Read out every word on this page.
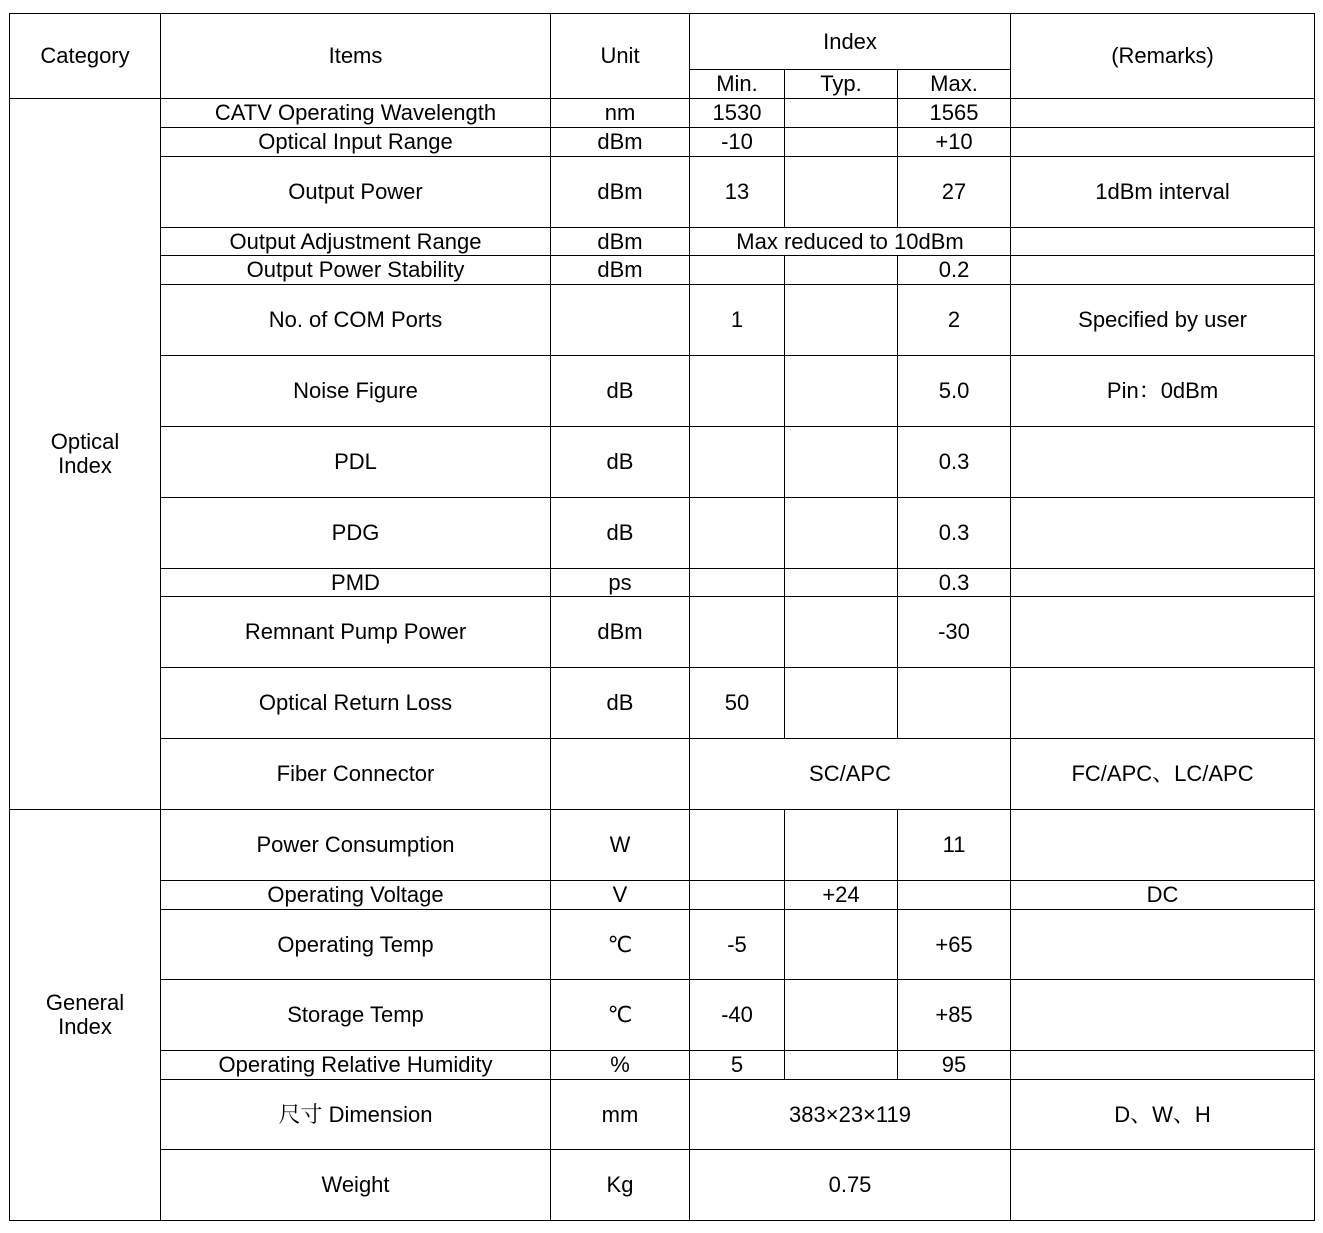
Category	Items	Unit	Index			(Remarks)
			Min.	Typ.	Max.	

Optical
Index	CATV Operating Wavelength	nm	1530		1565	
	Optical Input Range	dBm	-10		+10	
	Output Power	dBm	13		27	1dBm interval
	Output Adjustment Range	dBm	Max reduced to 10dBm			
	Output Power Stability	dBm			0.2	
	No. of COM Ports		1		2	Specified by user
	Noise Figure	dB			5.0	Pin：0dBm
	PDL	dB			0.3	
	PDG	dB			0.3	
	PMD	ps			0.3	
	Remnant Pump Power	dBm			-30	
	Optical Return Loss	dB	50			
	Fiber Connector		SC/APC			FC/APC、LC/APC

General
Index	Power Consumption	W			11	
	Operating Voltage	V		+24		DC
	Operating Temp	℃	-5		+65	
	Storage Temp	℃	-40		+85	
	Operating Relative Humidity	%	5		95	
	尺寸 Dimension	mm	383×23×119			D、W、H
	Weight	Kg	0.75			
